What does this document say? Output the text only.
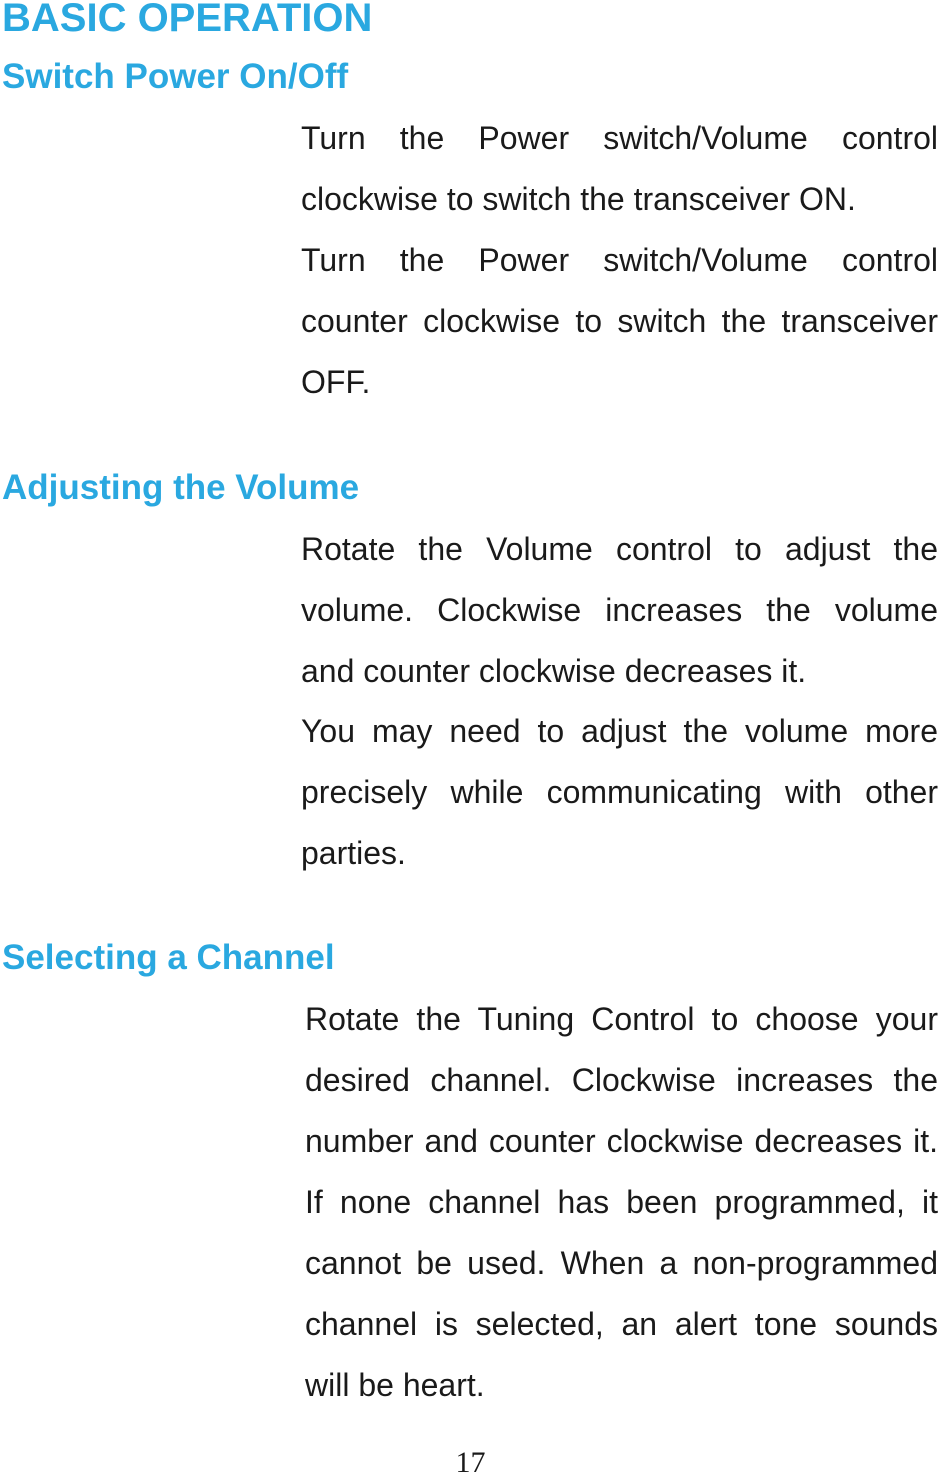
BASIC OPERATION
Switch Power On/Off

Turn the Power switch/Volume control clockwise to switch the transceiver ON.

Turn the Power switch/Volume control counter clockwise to switch the transceiver OFF.

Adjusting the Volume

Rotate the Volume control to adjust the volume. Clockwise increases the volume and counter clockwise decreases it.

You may need to adjust the volume more precisely while communicating with other parties.

Selecting a Channel

Rotate the Tuning Control to choose your desired channel. Clockwise increases the number and counter clockwise decreases it. If none channel has been programmed, it cannot be used. When a non-programmed channel is selected, an alert tone sounds will be heart.

17
